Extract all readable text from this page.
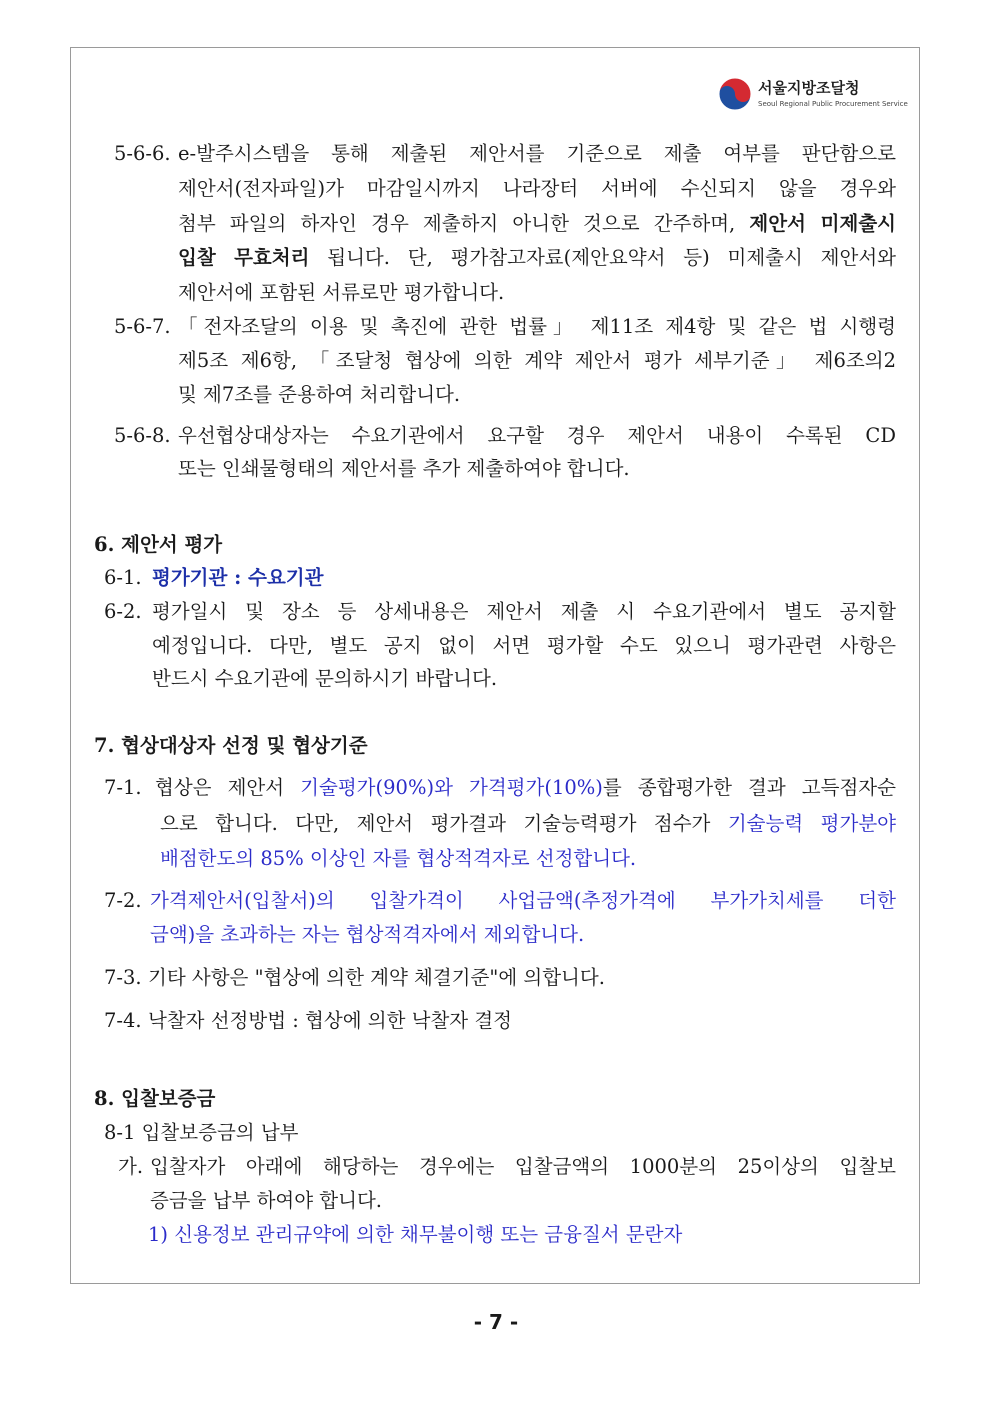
서울지방조달청
Seoul Regional Public Procurement Service
5-6-6. e-발주시스템을 통해 제출된 제안서를 기준으로 제출 여부를 판단함으로
제안서(전자파일)가 마감일시까지 나라장터 서버에 수신되지 않을 경우와
첨부 파일의 하자인 경우 제출하지 아니한 것으로 간주하며, 제안서 미제출시
입찰 무효처리 됩니다. 단, 평가참고자료(제안요약서 등) 미제출시 제안서와
제안서에 포함된 서류로만 평가합니다.
5-6-7. 「전자조달의 이용 및 촉진에 관한 법률」 제11조 제4항 및 같은 법 시행령
제5조 제6항, 「조달청 협상에 의한 계약 제안서 평가 세부기준」 제6조의2
및 제7조를 준용하여 처리합니다.
5-6-8. 우선협상대상자는 수요기관에서 요구할 경우 제안서 내용이 수록된 CD
또는 인쇄물형태의 제안서를 추가 제출하여야 합니다.
6. 제안서 평가
6-1. 평가기관 : 수요기관
6-2. 평가일시 및 장소 등 상세내용은 제안서 제출 시 수요기관에서 별도 공지할
예정입니다. 다만, 별도 공지 없이 서면 평가할 수도 있으니 평가관련 사항은
반드시 수요기관에 문의하시기 바랍니다.
7. 협상대상자 선정 및 협상기준
7-1. 협상은 제안서 기술평가(90%)와 가격평가(10%)를 종합평가한 결과 고득점자순
으로 합니다. 다만, 제안서 평가결과 기술능력평가 점수가 기술능력 평가분야
배점한도의 85% 이상인 자를 협상적격자로 선정합니다.
7-2. 가격제안서(입찰서)의 입찰가격이 사업금액(추정가격에 부가가치세를 더한
금액)을 초과하는 자는 협상적격자에서 제외합니다.
7-3. 기타 사항은 "협상에 의한 계약 체결기준"에 의합니다.
7-4. 낙찰자 선정방법 : 협상에 의한 낙찰자 결정
8. 입찰보증금
8-1 입찰보증금의 납부
가. 입찰자가 아래에 해당하는 경우에는 입찰금액의 1000분의 25이상의 입찰보
증금을 납부 하여야 합니다.
1) 신용정보 관리규약에 의한 채무불이행 또는 금융질서 문란자
- 7 -
